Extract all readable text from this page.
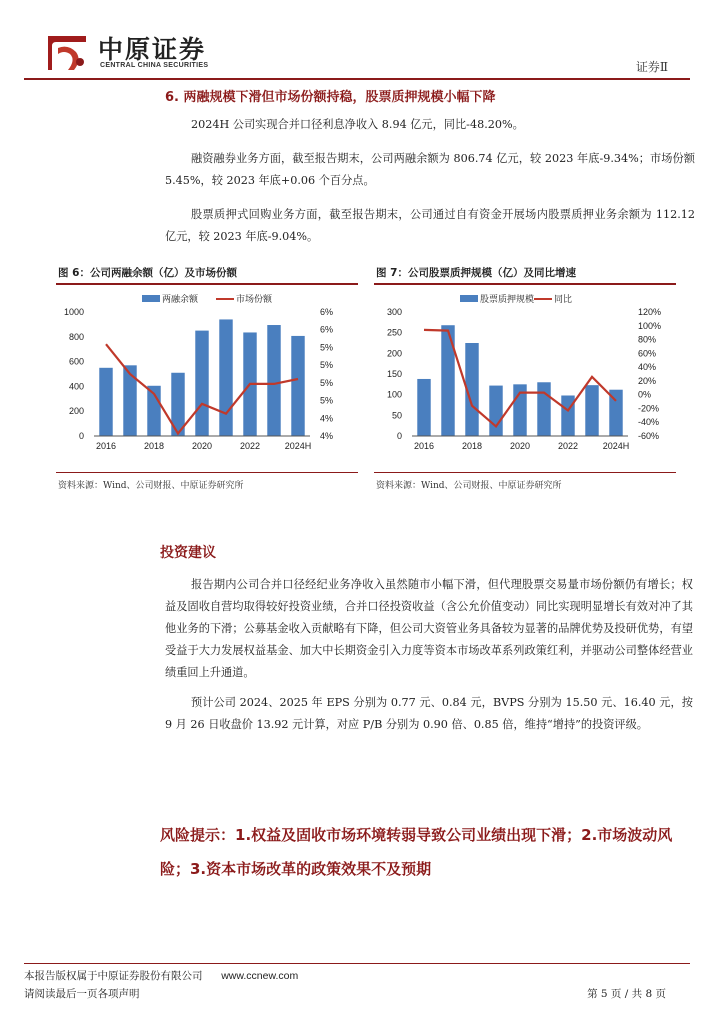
中原证券
CENTRAL CHINA SECURITIES	证券Ⅱ
6. 两融规模下滑但市场份额持稳，股票质押规模小幅下降

2024H 公司实现合并口径利息净收入 8.94 亿元，同比-48.20%。

融资融券业务方面，截至报告期末，公司两融余额为 806.74 亿元，较 2023 年底-9.34%；市场份额 5.45%，较 2023 年底+0.06 个百分点。

股票质押式回购业务方面，截至报告期末，公司通过自有资金开展场内股票质押业务余额为 112.12 亿元，较 2023 年底-9.04%。

图 6：公司两融余额（亿）及市场份额
两融余额	市场份额
0
200
400
600
800
1000
4%
4%
5%
5%
5%
5%
6%
6%
2016	2018	2020	2022	2024H
资料来源：Wind、公司财报、中原证券研究所
图 7：公司股票质押规模（亿）及同比增速
股票质押规模 同比
0
50
100
150
200
250
300
-60%
-40%
-20%
0%
20%
40%
60%
80%
100%
120%
2016	2018	2020	2022	2024H
资料来源：Wind、公司财报、中原证券研究所
投资建议

报告期内公司合并口径经纪业务净收入虽然随市小幅下滑，但代理股票交易量市场份额仍有增长；权益及固收自营均取得较好投资业绩，合并口径投资收益（含公允价值变动）同比实现明显增长有效对冲了其他业务的下滑；公募基金收入贡献略有下降，但公司大资管业务具备较为显著的品牌优势及投研优势，有望受益于大力发展权益基金、加大中长期资金引入力度等资本市场改革系列政策红利，并驱动公司整体经营业绩重回上升通道。

预计公司 2024、2025 年 EPS 分别为 0.77 元、0.84 元，BVPS 分别为 15.50 元、16.40 元，按 9 月 26 日收盘价 13.92 元计算，对应 P/B 分别为 0.90 倍、0.85 倍，维持“增持”的投资评级。

风险提示：1.权益及固收市场环境转弱导致公司业绩出现下滑；2.市场波动风险；3.资本市场改革的政策效果不及预期
本报告版权属于中原证券股份有限公司 www.ccnew.com
请阅读最后一页各项声明	第 5 页 / 共 8 页
